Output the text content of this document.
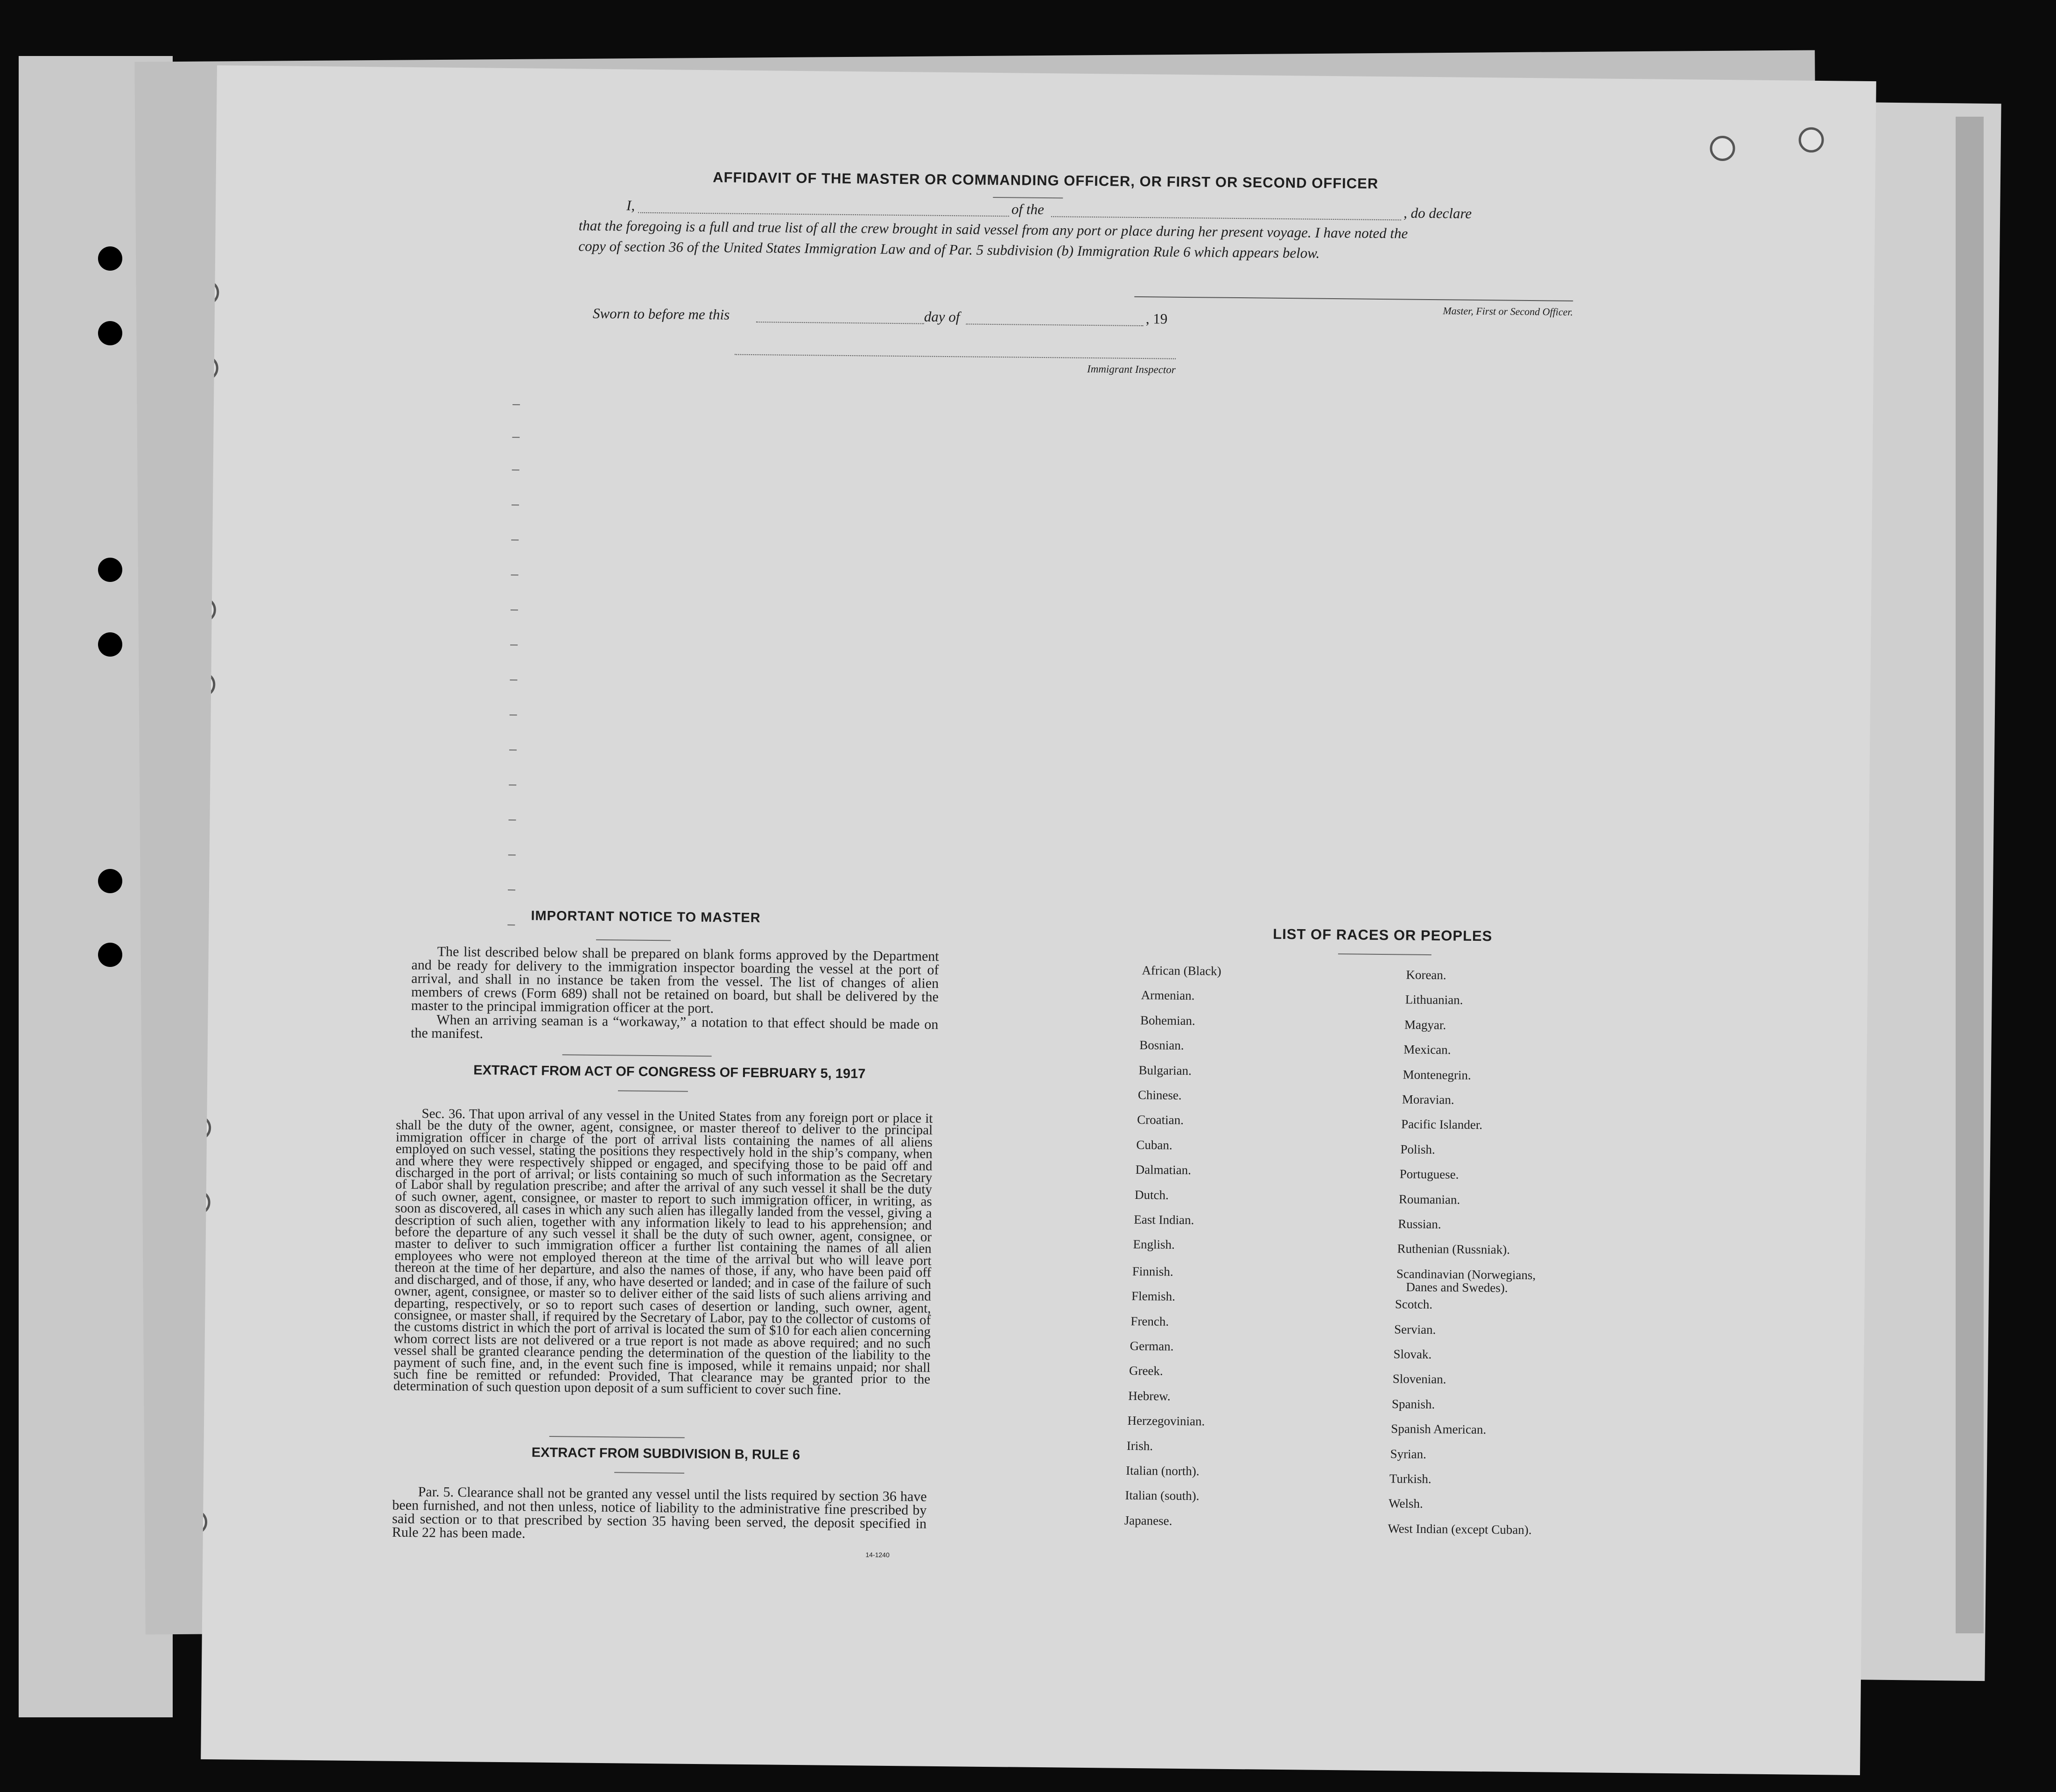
AFFIDAVIT OF THE MASTER OR COMMANDING OFFICER, OR FIRST OR SECOND OFFICER
I,	of the	, do declare
that the foregoing is a full and true list of all the crew brought in said vessel from any port or place during her present voyage. I have noted the
copy of section 36 of the United States Immigration Law and of Par. 5 subdivision (b) Immigration Rule 6 which appears below.
Master, First or Second Officer.
Sworn to before me this	day of	, 19
Immigrant Inspector
IMPORTANT NOTICE TO MASTER
The list described below shall be prepared on blank forms approved by the Department and be ready for delivery to the immigration inspector boarding the vessel at the port of arrival, and shall in no instance be taken from the vessel. The list of changes of alien members of crews (Form 689) shall not be retained on board, but shall be delivered by the master to the principal immigration officer at the port.
When an arriving seaman is a “workaway,” a notation to that effect should be made on the manifest.
EXTRACT FROM ACT OF CONGRESS OF FEBRUARY 5, 1917
Sec. 36. That upon arrival of any vessel in the United States from any foreign port or place it shall be the duty of the owner, agent, consignee, or master thereof to deliver to the principal immigration officer in charge of the port of arrival lists containing the names of all aliens employed on such vessel, stating the positions they respectively hold in the ship’s company, when and where they were respectively shipped or engaged, and specifying those to be paid off and discharged in the port of arrival; or lists containing so much of such information as the Secretary of Labor shall by regulation prescribe; and after the arrival of any such vessel it shall be the duty of such owner, agent, consignee, or master to report to such immigration officer, in writing, as soon as discovered, all cases in which any such alien has illegally landed from the vessel, giving a description of such alien, together with any information likely to lead to his apprehension; and before the departure of any such vessel it shall be the duty of such owner, agent, consignee, or master to deliver to such immigration officer a further list containing the names of all alien employees who were not employed thereon at the time of the arrival but who will leave port thereon at the time of her departure, and also the names of those, if any, who have been paid off and discharged, and of those, if any, who have deserted or landed; and in case of the failure of such owner, agent, consignee, or master so to deliver either of the said lists of such aliens arriving and departing, respectively, or so to report such cases of desertion or landing, such owner, agent, consignee, or master shall, if required by the Secretary of Labor, pay to the collector of customs of the customs district in which the port of arrival is located the sum of $10 for each alien concerning whom correct lists are not delivered or a true report is not made as above required; and no such vessel shall be granted clearance pending the determination of the question of the liability to the payment of such fine, and, in the event such fine is imposed, while it remains unpaid; nor shall such fine be remitted or refunded: Provided, That clearance may be granted prior to the determination of such question upon deposit of a sum sufficient to cover such fine.
EXTRACT FROM SUBDIVISION B, RULE 6
Par. 5. Clearance shall not be granted any vessel until the lists required by section 36 have been furnished, and not then unless, notice of liability to the administrative fine prescribed by said section or to that prescribed by section 35 having been served, the deposit specified in Rule 22 has been made.
14-1240
LIST OF RACES OR PEOPLES
African (Black)
Armenian.
Bohemian.
Bosnian.
Bulgarian.
Chinese.
Croatian.
Cuban.
Dalmatian.
Dutch.
East Indian.
English.
Finnish.
Flemish.
French.
German.
Greek.
Hebrew.
Herzegovinian.
Irish.
Italian (north).
Italian (south).
Japanese.
Korean.
Lithuanian.
Magyar.
Mexican.
Montenegrin.
Moravian.
Pacific Islander.
Polish.
Portuguese.
Roumanian.
Russian.
Ruthenian (Russniak).
Scandinavian (Norwegians,
Danes and Swedes).
Scotch.
Servian.
Slovak.
Slovenian.
Spanish.
Spanish American.
Syrian.
Turkish.
Welsh.
West Indian (except Cuban).
